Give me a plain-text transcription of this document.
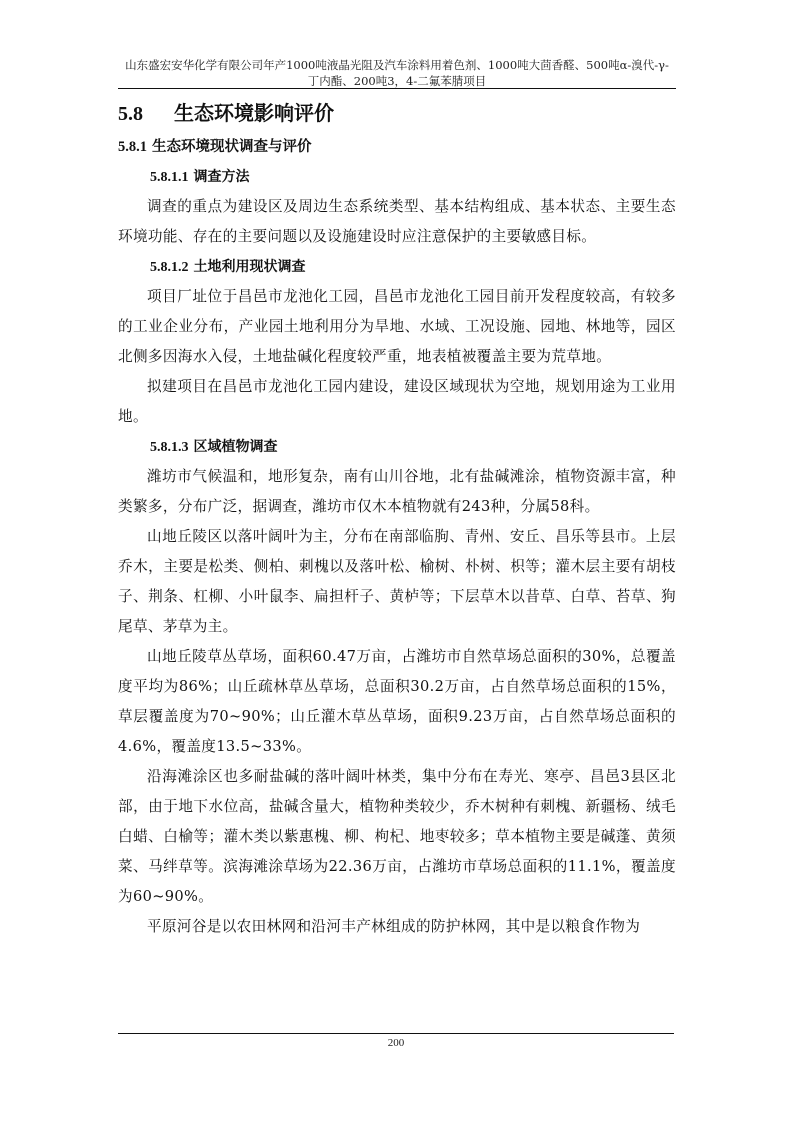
山东盛宏安华化学有限公司年产1000吨液晶光阻及汽车涂料用着色剂、1000吨大茴香醛、500吨α-溴代-γ-
丁内酯、200吨3，4-二氟苯腈项目
5.8 生态环境影响评价
5.8.1 生态环境现状调查与评价
5.8.1.1 调查方法

调查的重点为建设区及周边生态系统类型、基本结构组成、基本状态、主要生态环境功能、存在的主要问题以及设施建设时应注意保护的主要敏感目标。

5.8.1.2 土地利用现状调查

项目厂址位于昌邑市龙池化工园，昌邑市龙池化工园目前开发程度较高，有较多的工业企业分布，产业园土地利用分为旱地、水域、工况设施、园地、林地等，园区北侧多因海水入侵，土地盐碱化程度较严重，地表植被覆盖主要为荒草地。

拟建项目在昌邑市龙池化工园内建设，建设区域现状为空地，规划用途为工业用地。

5.8.1.3 区域植物调查

潍坊市气候温和，地形复杂，南有山川谷地，北有盐碱滩涂，植物资源丰富，种类繁多，分布广泛，据调查，潍坊市仅木本植物就有243种，分属58科。

山地丘陵区以落叶阔叶为主，分布在南部临朐、青州、安丘、昌乐等县市。上层乔木，主要是松类、侧柏、刺槐以及落叶松、榆树、朴树、枳等；灌木层主要有胡枝子、荆条、杠柳、小叶鼠李、扁担杆子、黄栌等；下层草木以昔草、白草、苔草、狗尾草、茅草为主。

山地丘陵草丛草场，面积60.47万亩，占潍坊市自然草场总面积的30%，总覆盖度平均为86%；山丘疏林草丛草场，总面积30.2万亩，占自然草场总面积的15%，草层覆盖度为70~90%；山丘灌木草丛草场，面积9.23万亩，占自然草场总面积的4.6%，覆盖度13.5~33%。

沿海滩涂区也多耐盐碱的落叶阔叶林类，集中分布在寿光、寒亭、昌邑3县区北部，由于地下水位高，盐碱含量大，植物种类较少，乔木树种有刺槐、新疆杨、绒毛白蜡、白榆等；灌木类以紫惠槐、柳、枸杞、地枣较多；草本植物主要是碱蓬、黄须菜、马绊草等。滨海滩涂草场为22.36万亩，占潍坊市草场总面积的11.1%，覆盖度为60~90%。

平原河谷是以农田林网和沿河丰产林组成的防护林网，其中是以粮食作物为

200
